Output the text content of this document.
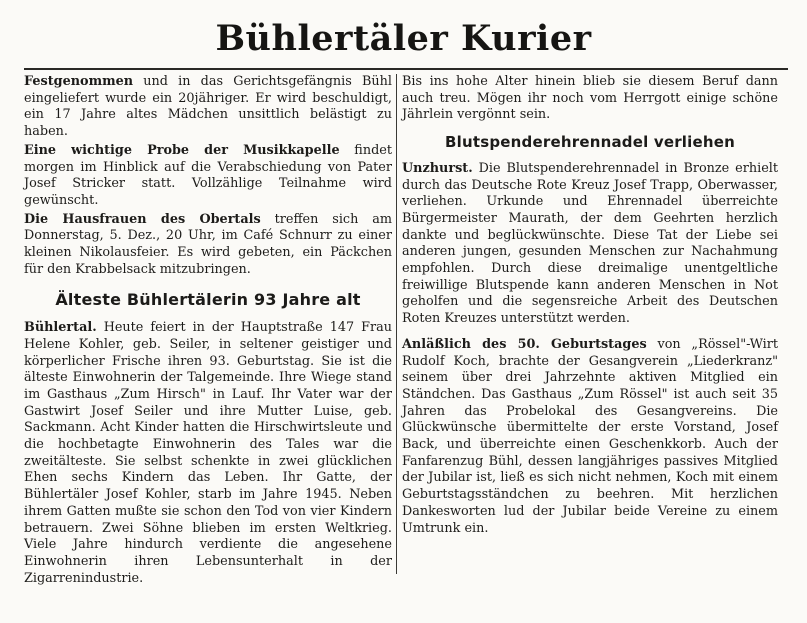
Bühlertäler Kurier

Festgenommen und in das Gerichtsgefängnis Bühl eingeliefert wurde ein 20jähriger. Er wird beschuldigt, ein 17 Jahre altes Mädchen unsittlich belästigt zu haben.

Eine wichtige Probe der Musikkapelle findet morgen im Hinblick auf die Verabschiedung von Pater Josef Stricker statt. Vollzählige Teilnahme wird gewünscht.

Die Hausfrauen des Obertals treffen sich am Donnerstag, 5. Dez., 20 Uhr, im Café Schnurr zu einer kleinen Nikolausfeier. Es wird gebeten, ein Päckchen für den Krabbelsack mitzubringen.

Älteste Bühlertälerin 93 Jahre alt

Bühlertal. Heute feiert in der Hauptstraße 147 Frau Helene Kohler, geb. Seiler, in seltener geistiger und körperlicher Frische ihren 93. Geburtstag. Sie ist die älteste Einwohnerin der Talgemeinde. Ihre Wiege stand im Gasthaus „Zum Hirsch" in Lauf. Ihr Vater war der Gastwirt Josef Seiler und ihre Mutter Luise, geb. Sackmann. Acht Kinder hatten die Hirschwirtsleute und die hochbetagte Einwohnerin des Tales war die zweitälteste. Sie selbst schenkte in zwei glücklichen Ehen sechs Kindern das Leben. Ihr Gatte, der Bühlertäler Josef Kohler, starb im Jahre 1945. Neben ihrem Gatten mußte sie schon den Tod von vier Kindern betrauern. Zwei Söhne blieben im ersten Weltkrieg. Viele Jahre hindurch verdiente die angesehene Einwohnerin ihren Lebensunterhalt in der Zigarrenindustrie.

Bis ins hohe Alter hinein blieb sie diesem Beruf dann auch treu. Mögen ihr noch vom Herrgott einige schöne Jährlein vergönnt sein.

Blutspenderehrennadel verliehen

Unzhurst. Die Blutspenderehrennadel in Bronze erhielt durch das Deutsche Rote Kreuz Josef Trapp, Oberwasser, verliehen. Urkunde und Ehrennadel überreichte Bürgermeister Maurath, der dem Geehrten herzlich dankte und beglückwünschte. Diese Tat der Liebe sei anderen jungen, gesunden Menschen zur Nachahmung empfohlen. Durch diese dreimalige unentgeltliche freiwillige Blutspende kann anderen Menschen in Not geholfen und die segensreiche Arbeit des Deutschen Roten Kreuzes unterstützt werden.

Anläßlich des 50. Geburtstages von „Rössel"-Wirt Rudolf Koch, brachte der Gesangverein „Liederkranz" seinem über drei Jahrzehnte aktiven Mitglied ein Ständchen. Das Gasthaus „Zum Rössel" ist auch seit 35 Jahren das Probelokal des Gesangvereins. Die Glückwünsche übermittelte der erste Vorstand, Josef Back, und überreichte einen Geschenkkorb. Auch der Fanfarenzug Bühl, dessen langjähriges passives Mitglied der Jubilar ist, ließ es sich nicht nehmen, Koch mit einem Geburtstagsständchen zu beehren. Mit herzlichen Dankesworten lud der Jubilar beide Vereine zu einem Umtrunk ein.
